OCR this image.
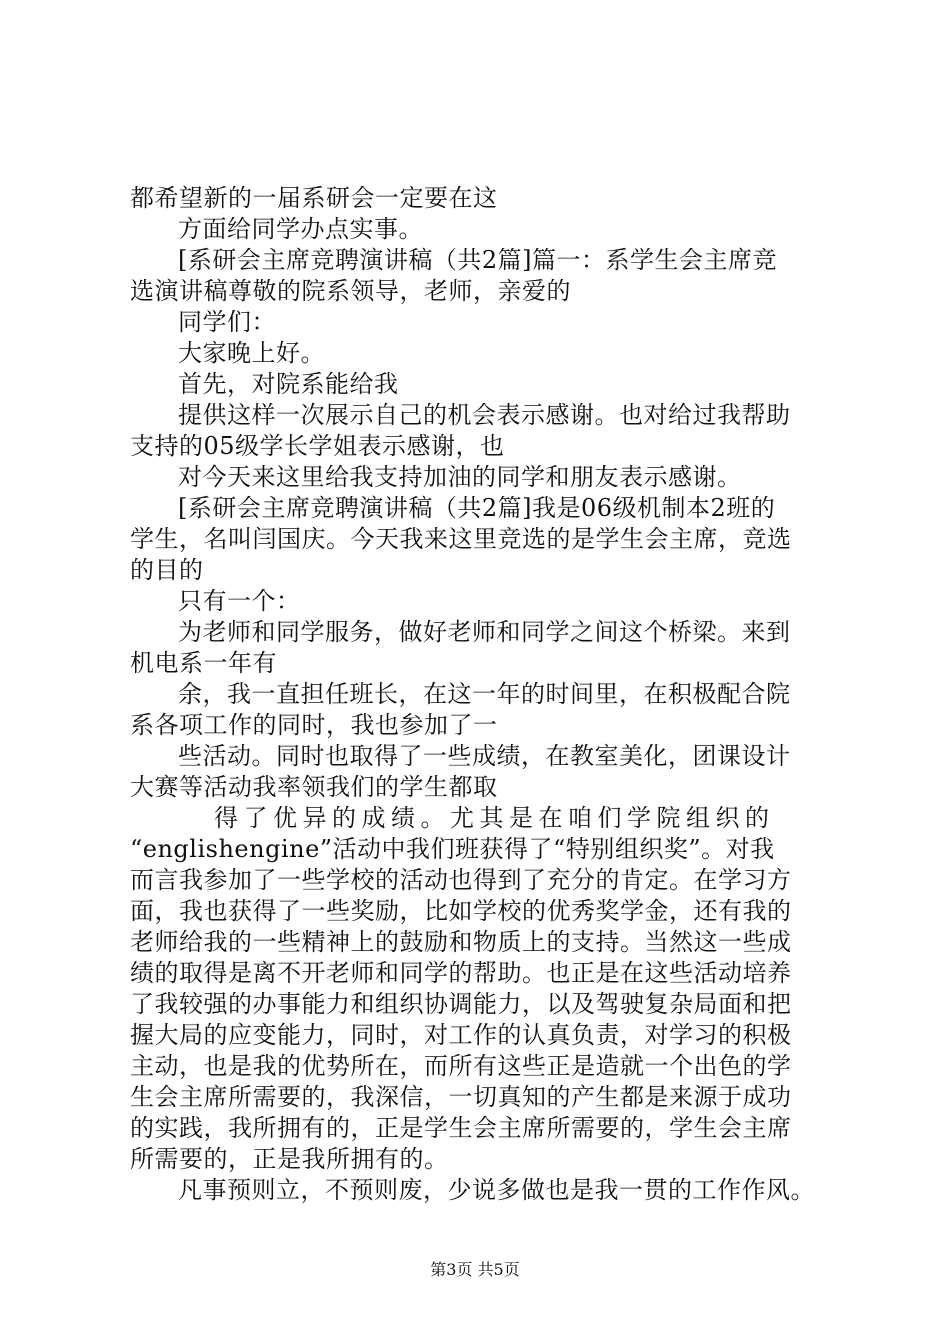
都希望新的一届系研会一定要在这
方面给同学办点实事。
[系研会主席竞聘演讲稿（共2篇]篇一：系学生会主席竞
选演讲稿尊敬的院系领导，老师，亲爱的
同学们：
大家晚上好。
首先，对院系能给我
提供这样一次展示自己的机会表示感谢。也对给过我帮助
支持的05级学长学姐表示感谢，也
对今天来这里给我支持加油的同学和朋友表示感谢。
[系研会主席竞聘演讲稿（共2篇]我是06级机制本2班的
学生，名叫闫国庆。今天我来这里竞选的是学生会主席，竞选
的目的
只有一个：
为老师和同学服务，做好老师和同学之间这个桥梁。来到
机电系一年有
余，我一直担任班长，在这一年的时间里，在积极配合院
系各项工作的同时，我也参加了一
些活动。同时也取得了一些成绩，在教室美化，团课设计
大赛等活动我率领我们的学生都取
得了优异的成绩。尤其是在咱们学院组织的
“englishengine”活动中我们班获得了“特别组织奖”。对我
而言我参加了一些学校的活动也得到了充分的肯定。在学习方
面，我也获得了一些奖励，比如学校的优秀奖学金，还有我的
老师给我的一些精神上的鼓励和物质上的支持。当然这一些成
绩的取得是离不开老师和同学的帮助。也正是在这些活动培养
了我较强的办事能力和组织协调能力，以及驾驶复杂局面和把
握大局的应变能力，同时，对工作的认真负责，对学习的积极
主动，也是我的优势所在，而所有这些正是造就一个出色的学
生会主席所需要的，我深信，一切真知的产生都是来源于成功
的实践，我所拥有的，正是学生会主席所需要的，学生会主席
所需要的，正是我所拥有的。
凡事预则立，不预则废，少说多做也是我一贯的工作作风。
第3页 共5页
